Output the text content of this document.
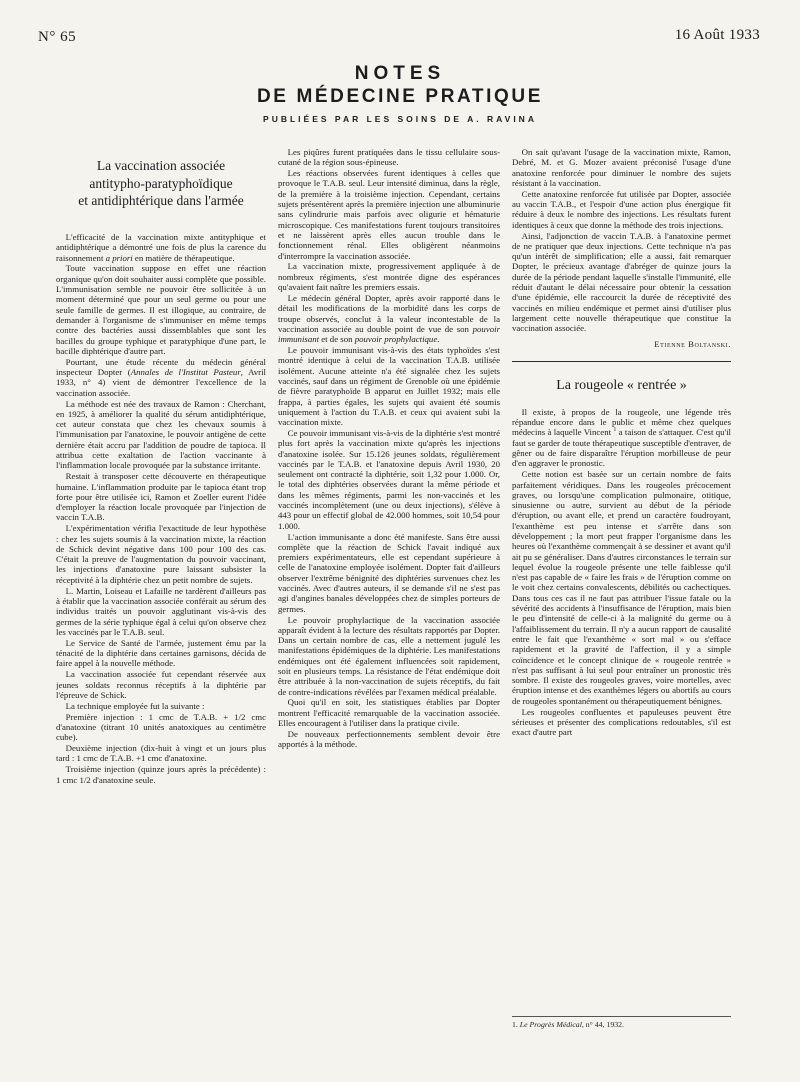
N° 65	16 Août 1933
NOTES
DE MÉDECINE PRATIQUE
PUBLIÉES PAR LES SOINS DE A. RAVINA
La vaccination associée
antitypho-paratyphoïdique
et antidiphtérique dans l'armée

L'efficacité de la vaccination mixte antityphique et antidiphtérique a démontré une fois de plus la carence du raisonnement a priori en matière de thérapeutique.

Toute vaccination suppose en effet une réaction organique qu'on doit souhaiter aussi complète que possible. L'immunisation semble ne pouvoir être sollicitée à un moment déterminé que pour un seul germe ou pour une seule famille de germes. Il est illogique, au contraire, de demander à l'organisme de s'immuniser en même temps contre des bactéries aussi dissemblables que sont les bacilles du groupe typhique et paratyphique d'une part, le bacille diphtérique d'autre part.

Pourtant, une étude récente du médecin général inspecteur Dopter (Annales de l'Institut Pasteur, Avril 1933, n° 4) vient de démontrer l'excellence de la vaccination associée.

La méthode est née des travaux de Ramon : Cherchant, en 1925, à améliorer la qualité du sérum antidiphtérique, cet auteur constata que chez les chevaux soumis à l'immunisation par l'anatoxine, le pouvoir antigène de cette dernière était accru par l'addition de poudre de tapioca. Il attribua cette exaltation de l'action vaccinante à l'inflammation locale provoquée par la substance irritante.

Restait à transposer cette découverte en thérapeutique humaine. L'inflammation produite par le tapioca étant trop forte pour être utilisée ici, Ramon et Zoeller eurent l'idée d'employer la réaction locale provoquée par l'injection de vaccin T.A.B.

L'expérimentation vérifia l'exactitude de leur hypothèse : chez les sujets soumis à la vaccination mixte, la réaction de Schick devint négative dans 100 pour 100 des cas. C'était la preuve de l'augmentation du pouvoir vaccinant, les injections d'anatoxine pure laissant subsister la réceptivité à la diphtérie chez un petit nombre de sujets.

L. Martin, Loiseau et Lafaille ne tardèrent d'ailleurs pas à établir que la vaccination associée conférait au sérum des individus traités un pouvoir agglutinant vis-à-vis des germes de la série typhique égal à celui qu'on observe chez les vaccinés par le T.A.B. seul.

Le Service de Santé de l'armée, justement ému par la ténacité de la diphtérie dans certaines garnisons, décida de faire appel à la nouvelle méthode.

La vaccination associée fut cependant réservée aux jeunes soldats reconnus réceptifs à la diphtérie par l'épreuve de Schick.

La technique employée fut la suivante :

Première injection : 1 cmc de T.A.B. + 1/2 cmc d'anatoxine (titrant 10 unités anatoxiques au centimètre cube).

Deuxième injection (dix-huit à vingt et un jours plus tard : 1 cmc de T.A.B. +1 cmc d'anatoxine.

Troisième injection (quinze jours après la précédente) : 1 cmc 1/2 d'anatoxine seule.

Les piqûres furent pratiquées dans le tissu cellulaire sous-cutané de la région sous-épineuse.

Les réactions observées furent identiques à celles que provoque le T.A.B. seul. Leur intensité diminua, dans la règle, de la première à la troisième injection. Cependant, certains sujets présentèrent après la première injection une albuminurie sans cylindrurie mais parfois avec oligurie et hématurie microscopique. Ces manifestations furent toujours transitoires et ne laissèrent après elles aucun trouble dans le fonctionnement rénal. Elles obligèrent néanmoins d'interrompre la vaccination associée.

La vaccination mixte, progressivement appliquée à de nombreux régiments, s'est montrée digne des espérances qu'avaient fait naître les premiers essais.

Le médecin général Dopter, après avoir rapporté dans le détail les modifications de la morbidité dans les corps de troupe observés, conclut à la valeur incontestable de la vaccination associée au double point de vue de son pouvoir immunisant et de son pouvoir prophylactique.

Le pouvoir immunisant vis-à-vis des états typhoïdes s'est montré identique à celui de la vaccination T.A.B. utilisée isolément. Aucune atteinte n'a été signalée chez les sujets vaccinés, sauf dans un régiment de Grenoble où une épidémie de fièvre paratyphoïde B apparut en Juillet 1932; mais elle frappa, à parties égales, les sujets qui avaient été soumis uniquement à l'action du T.A.B. et ceux qui avaient subi la vaccination mixte.

Ce pouvoir immunisant vis-à-vis de la diphtérie s'est montré plus fort après la vaccination mixte qu'après les injections d'anatoxine isolée. Sur 15.126 jeunes soldats, régulièrement vaccinés par le T.A.B. et l'anatoxine depuis Avril 1930, 20 seulement ont contracté la diphtérie, soit 1,32 pour 1.000. Or, le total des diphtéries observées durant la même période et dans les mêmes régiments, parmi les non-vaccinés et les vaccinés incomplètement (une ou deux injections), s'élève à 443 pour un effectif global de 42.000 hommes, soit 10,54 pour 1.000.

L'action immunisante a donc été manifeste. Sans être aussi complète que la réaction de Schick l'avait indiqué aux premiers expérimentateurs, elle est cependant supérieure à celle de l'anatoxine employée isolément. Dopter fait d'ailleurs observer l'extrême bénignité des diphtéries survenues chez les vaccinés. Avec d'autres auteurs, il se demande s'il ne s'est pas agi d'angines banales développées chez de simples porteurs de germes.

Le pouvoir prophylactique de la vaccination associée apparaît évident à la lecture des résultats rapportés par Dopter. Dans un certain nombre de cas, elle a nettement jugulé les manifestations épidémiques de la diphtérie. Les manifestations endémiques ont été également influencées soit rapidement, soit en plusieurs temps. La résistance de l'état endémique doit être attribuée à la non-vaccination de sujets réceptifs, du fait de contre-indications révélées par l'examen médical préalable.

Quoi qu'il en soit, les statistiques établies par Dopter montrent l'efficacité remarquable de la vaccination associée. Elles encouragent à l'utiliser dans la pratique civile.

De nouveaux perfectionnements semblent devoir être apportés à la méthode.

On sait qu'avant l'usage de la vaccination mixte, Ramon, Debré, M. et G. Mozer avaient préconisé l'usage d'une anatoxine renforcée pour diminuer le nombre des sujets résistant à la vaccination.

Cette anatoxine renforcée fut utilisée par Dopter, associée au vaccin T.A.B., et l'espoir d'une action plus énergique fit réduire à deux le nombre des injections. Les résultats furent identiques à ceux que donne la méthode des trois injections.

Ainsi, l'adjonction de vaccin T.A.B. à l'anatoxine permet de ne pratiquer que deux injections. Cette technique n'a pas qu'un intérêt de simplification; elle a aussi, fait remarquer Dopter, le précieux avantage d'abréger de quinze jours la durée de la période pendant laquelle s'installe l'immunité, elle réduit d'autant le délai nécessaire pour obtenir la cessation d'une épidémie, elle raccourcit la durée de réceptivité des vaccinés en milieu endémique et permet ainsi d'utiliser plus largement cette nouvelle thérapeutique que constitue la vaccination associée.

Etienne Boltanski.
La rougeole « rentrée »

Il existe, à propos de la rougeole, une légende très répandue encore dans le public et même chez quelques médecins à laquelle Vincent $^1$ a taison de s'attaquer. C'est qu'il faut se garder de toute thérapeutique susceptible d'entraver, de gêner ou de faire disparaître l'éruption morbilleuse de peur d'en aggraver le pronostic.

Cette notion est basée sur un certain nombre de faits parfaitement véridiques. Dans les rougeoles précocement graves, ou lorsqu'une complication pulmonaire, otitique, sinusienne ou autre, survient au début de la période d'éruption, ou avant elle, et prend un caractère foudroyant, l'exanthème est peu intense et s'arrête dans son développement ; la mort peut frapper l'organisme dans les heures où l'exanthème commençait à se dessiner et avant qu'il ait pu se généraliser. Dans d'autres circonstances le terrain sur lequel évolue la rougeole présente une telle faiblesse qu'il n'est pas capable de « faire les frais » de l'éruption comme on le voit chez certains convalescents, débilités ou cachectiques. Dans tous ces cas il ne faut pas attribuer l'issue fatale ou la sévérité des accidents à l'insuffisance de l'éruption, mais bien le peu d'intensité de celle-ci à la malignité du germe ou à l'affaiblissement du terrain. Il n'y a aucun rapport de causalité entre le fait que l'exanthème « sort mal » ou s'efface rapidement et la gravité de l'affection, il y a simple coïncidence et le concept clinique de « rougeole rentrée » n'est pas suffisant à lui seul pour entraîner un pronostic très sombre. Il existe des rougeoles graves, voire mortelles, avec éruption intense et des exanthèmes légers ou abortifs au cours de rougeoles spontanément ou thérapeutiquement bénignes.

Les rougeoles confluentes et papuleuses peuvent être sérieuses et présenter des complications redoutables, s'il est exact d'autre part

1. Le Progrès Médical, n° 44, 1932.
